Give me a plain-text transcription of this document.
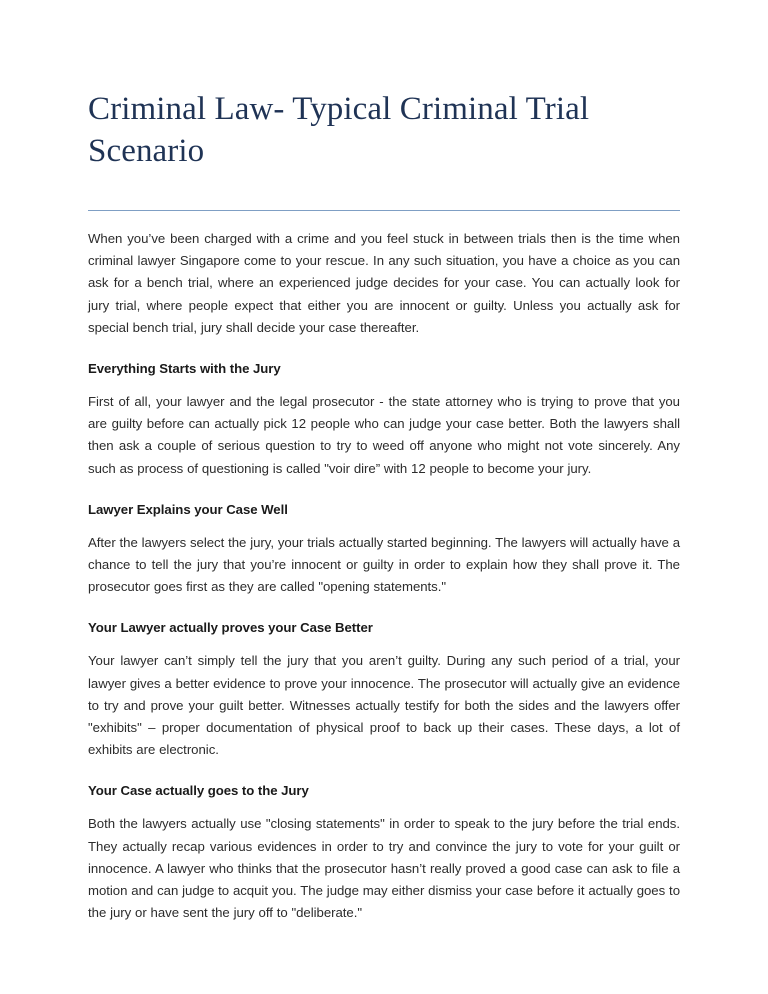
Criminal Law- Typical Criminal Trial Scenario

When you’ve been charged with a crime and you feel stuck in between trials then is the time when criminal lawyer Singapore come to your rescue. In any such situation, you have a choice as you can ask for a bench trial, where an experienced judge decides for your case. You can actually look for jury trial, where people expect that either you are innocent or guilty. Unless you actually ask for special bench trial, jury shall decide your case thereafter.

Everything Starts with the Jury

First of all, your lawyer and the legal prosecutor - the state attorney who is trying to prove that you are guilty before can actually pick 12 people who can judge your case better. Both the lawyers shall then ask a couple of serious question to try to weed off anyone who might not vote sincerely. Any such as process of questioning is called "voir dire” with 12 people to become your jury.

Lawyer Explains your Case Well

After the lawyers select the jury, your trials actually started beginning. The lawyers will actually have a chance to tell the jury that you’re innocent or guilty in order to explain how they shall prove it. The prosecutor goes first as they are called "opening statements."

Your Lawyer actually proves your Case Better

Your lawyer can’t simply tell the jury that you aren’t guilty. During any such period of a trial, your lawyer gives a better evidence to prove your innocence. The prosecutor will actually give an evidence to try and prove your guilt better. Witnesses actually testify for both the sides and the lawyers offer "exhibits" – proper documentation of physical proof to back up their cases. These days, a lot of exhibits are electronic.

Your Case actually goes to the Jury

Both the lawyers actually use "closing statements" in order to speak to the jury before the trial ends. They actually recap various evidences in order to try and convince the jury to vote for your guilt or innocence. A lawyer who thinks that the prosecutor hasn’t really proved a good case can ask to file a motion and can judge to acquit you. The judge may either dismiss your case before it actually goes to the jury or have sent the jury off to "deliberate."
